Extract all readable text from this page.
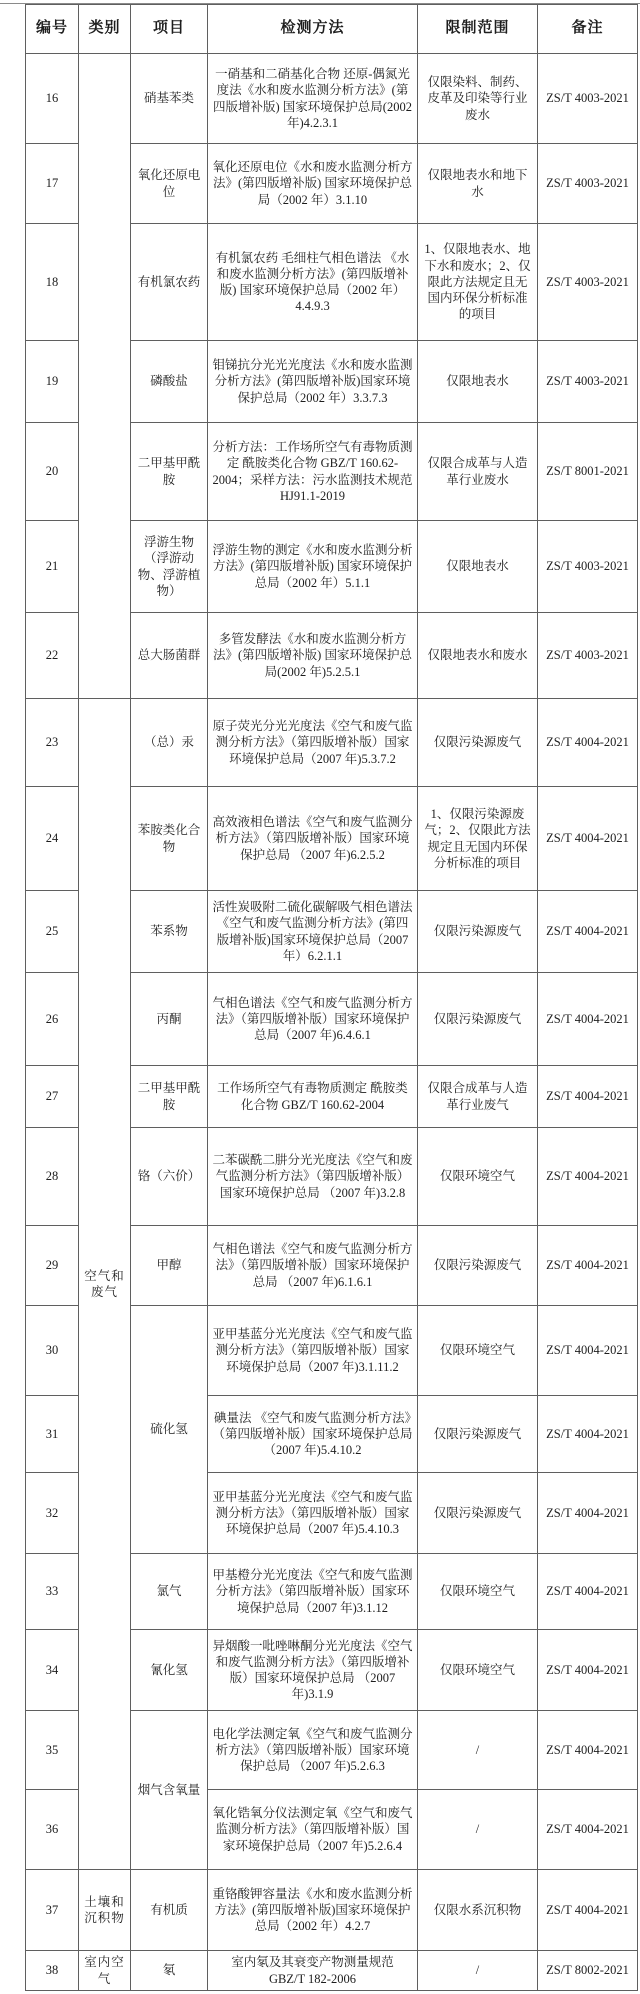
编号	类别	项目	检测方法	限制范围	备注
16		硝基苯类	一硝基和二硝基化合物 还原-偶氮光度法《水和废水监测分析方法》(第四版增补版) 国家环境保护总局(2002 年)4.2.3.1	仅限染料、制药、皮革及印染等行业废水	ZS/T 4003-2021
17		氧化还原电位	氧化还原电位《水和废水监测分析方法》(第四版增补版) 国家环境保护总局（2002 年）3.1.10	仅限地表水和地下水	ZS/T 4003-2021
18		有机氯农药	有机氯农药 毛细柱气相色谱法 《水和废水监测分析方法》(第四版增补版) 国家环境保护总局（2002 年）4.4.9.3	1、仅限地表水、地下水和废水；2、仅限此方法规定且无国内环保分析标准的项目	ZS/T 4003-2021
19		磷酸盐	钼锑抗分光光光度法《水和废水监测分析方法》(第四版增补版)国家环境保护总局（2002 年）3.3.7.3	仅限地表水	ZS/T 4003-2021
20		二甲基甲酰胺	分析方法：工作场所空气有毒物质测定 酰胺类化合物 GBZ/T 160.62-2004；采样方法：污水监测技术规范 HJ91.1-2019	仅限合成革与人造革行业废水	ZS/T 8001-2021
21		浮游生物（浮游动物、浮游植物）	浮游生物的测定《水和废水监测分析方法》(第四版增补版) 国家环境保护总局（2002 年）5.1.1	仅限地表水	ZS/T 4003-2021
22		总大肠菌群	多管发酵法《水和废水监测分析方法》(第四版增补版) 国家环境保护总局(2002 年)5.2.5.1	仅限地表水和废水	ZS/T 4003-2021
23	空气和废气	（总）汞	原子荧光分光光度法《空气和废气监测分析方法》（第四版增补版）国家环境保护总局（2007 年)5.3.7.2	仅限污染源废气	ZS/T 4004-2021
24		苯胺类化合物	高效液相色谱法《空气和废气监测分析方法》（第四版增补版）国家环境保护总局 （2007 年)6.2.5.2	1、仅限污染源废气；2、仅限此方法规定且无国内环保分析标准的项目	ZS/T 4004-2021
25		苯系物	活性炭吸附二硫化碳解吸气相色谱法《空气和废气监测分析方法》(第四版增补版)国家环境保护总局（2007 年）6.2.1.1	仅限污染源废气	ZS/T 4004-2021
26		丙酮	气相色谱法《空气和废气监测分析方法》（第四版增补版）国家环境保护总局（2007 年)6.4.6.1	仅限污染源废气	ZS/T 4004-2021
27		二甲基甲酰胺	工作场所空气有毒物质测定 酰胺类化合物 GBZ/T 160.62-2004	仅限合成革与人造革行业废气	ZS/T 4004-2021
28		铬（六价）	二苯碳酰二肼分光光度法《空气和废气监测分析方法》（第四版增补版）国家环境保护总局 （2007 年)3.2.8	仅限环境空气	ZS/T 4004-2021
29		甲醇	气相色谱法《空气和废气监测分析方法》（第四版增补版）国家环境保护总局 （2007 年)6.1.6.1	仅限污染源废气	ZS/T 4004-2021
30		硫化氢	亚甲基蓝分光光度法《空气和废气监测分析方法》（第四版增补版）国家环境保护总局（2007 年)3.1.11.2	仅限环境空气	ZS/T 4004-2021
31			碘量法 《空气和废气监测分析方法》（第四版增补版）国家环境保护总局 （2007 年)5.4.10.2	仅限污染源废气	ZS/T 4004-2021
32			亚甲基蓝分光光度法《空气和废气监测分析方法》（第四版增补版）国家环境保护总局（2007 年)5.4.10.3	仅限污染源废气	ZS/T 4004-2021
33		氯气	甲基橙分光光度法《空气和废气监测分析方法》（第四版增补版）国家环境保护总局（2007 年)3.1.12	仅限环境空气	ZS/T 4004-2021
34		氰化氢	异烟酸一吡唑啉酮分光光度法《空气和废气监测分析方法》（第四版增补版）国家环境保护总局 （2007 年)3.1.9	仅限环境空气	ZS/T 4004-2021
35		烟气含氧量	电化学法测定氧《空气和废气监测分析方法》（第四版增补版）国家环境保护总局 （2007 年)5.2.6.3	/	ZS/T 4004-2021
36			氧化锆氧分仪法测定氧《空气和废气监测分析方法》（第四版增补版）国家环境保护总局（2007 年)5.2.6.4	/	ZS/T 4004-2021
37	土壤和沉积物	有机质	重铬酸钾容量法《水和废水监测分析方法》(第四版增补版)国家环境保护总局（2002 年）4.2.7	仅限水系沉积物	ZS/T 4004-2021
38	室内空气	氡	室内氡及其衰变产物测量规范 GBZ/T 182-2006	/	ZS/T 8002-2021
